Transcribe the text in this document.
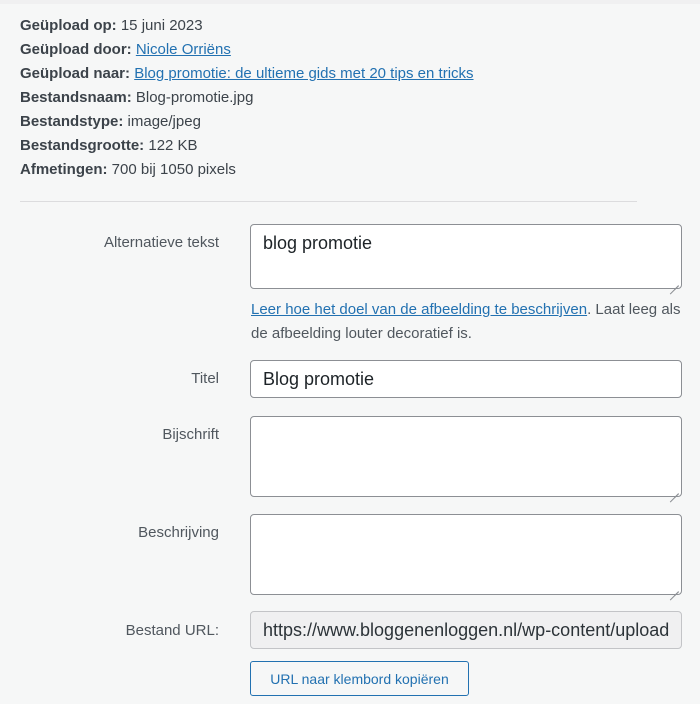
Geüpload op: 15 juni 2023
Geüpload door: Nicole Orriëns
Geüpload naar: Blog promotie: de ultieme gids met 20 tips en tricks
Bestandsnaam: Blog-promotie.jpg
Bestandstype: image/jpeg
Bestandsgrootte: 122 KB
Afmetingen: 700 bij 1050 pixels
Alternatieve tekst
blog promotie
Leer hoe het doel van de afbeelding te beschrijven. Laat leeg als de afbeelding louter decoratief is.
Titel
Blog promotie
Bijschrift
Beschrijving
Bestand URL:
https://www.bloggenenloggen.nl/wp-content/uploads/2023/06/Blog-promotie.jpg
URL naar klembord kopiëren
